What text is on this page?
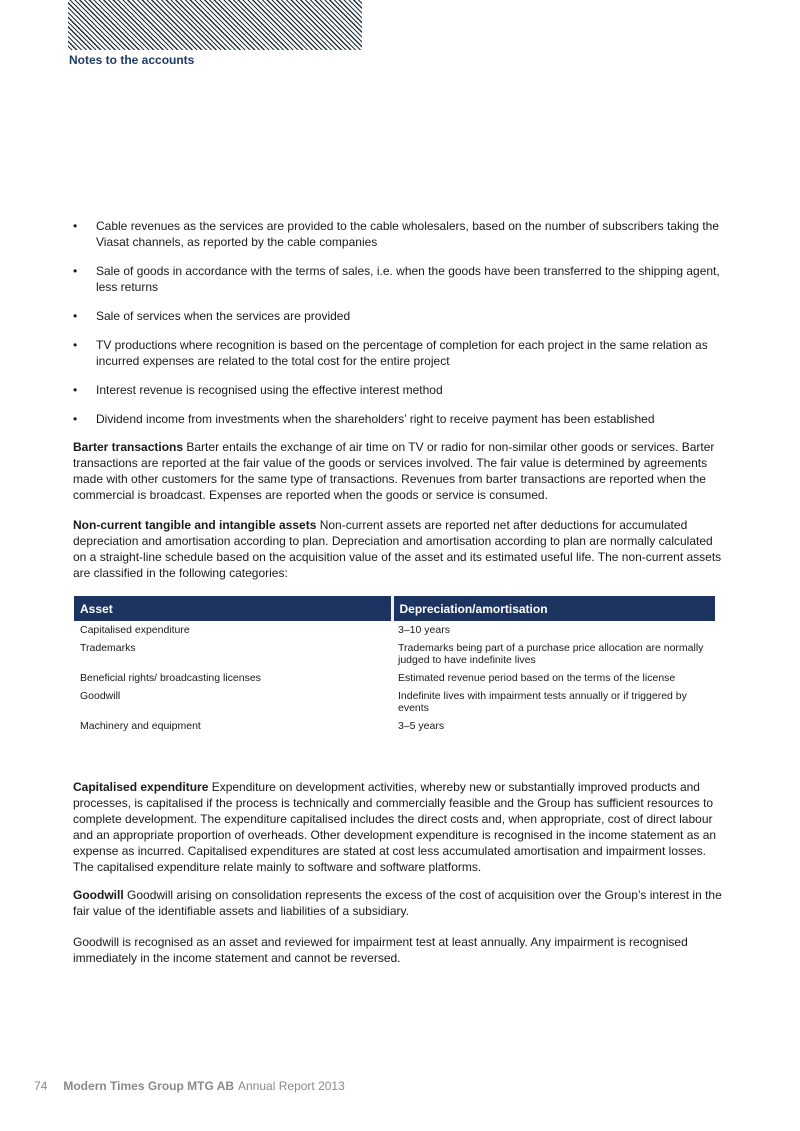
Notes to the accounts
• Cable revenues as the services are provided to the cable wholesalers, based on the number of subscribers taking the Viasat channels, as reported by the cable companies
• Sale of goods in accordance with the terms of sales, i.e. when the goods have been transferred to the shipping agent, less returns
• Sale of services when the services are provided
• TV productions where recognition is based on the percentage of completion for each project in the same relation as incurred expenses are related to the total cost for the entire project
• Interest revenue is recognised using the effective interest method
• Dividend income from investments when the shareholders’ right to receive payment has been established

Barter transactions Barter entails the exchange of air time on TV or radio for non-similar other goods or services. Barter transactions are reported at the fair value of the goods or services involved. The fair value is determined by agreements made with other customers for the same type of transactions. Revenues from barter transactions are reported when the commercial is broadcast. Expenses are reported when the goods or service is consumed.

Non-current tangible and intangible assets Non-current assets are reported net after deductions for accumulated depreciation and amortisation according to plan. Depreciation and amortisation according to plan are normally calculated on a straight-line schedule based on the acquisition value of the asset and its estimated useful life. The non-current assets are classified in the following categories:

Asset	Depreciation/amortisation
Capitalised expenditure	3–10 years
Trademarks	Trademarks being part of a purchase price allocation are normally judged to have indefinite lives
Beneficial rights/ broadcasting licenses	Estimated revenue period based on the terms of the license
Goodwill	Indefinite lives with impairment tests annually or if triggered by events
Machinery and equipment	3–5 years

Capitalised expenditure Expenditure on development activities, whereby new or substantially improved products and processes, is capitalised if the process is technically and commercially feasible and the Group has sufficient resources to complete development. The expenditure capitalised includes the direct costs and, when appropriate, cost of direct labour and an appropriate proportion of overheads. Other development expenditure is recognised in the income statement as an expense as incurred. Capitalised expenditures are stated at cost less accumulated amortisation and impairment losses. The capitalised expenditure relate mainly to software and software platforms.

Goodwill Goodwill arising on consolidation represents the excess of the cost of acquisition over the Group’s interest in the fair value of the identifiable assets and liabilities of a subsidiary.

Goodwill is recognised as an asset and reviewed for impairment test at least annually. Any impairment is recognised immediately in the income statement and cannot be reversed.

74 Modern Times Group MTG AB Annual Report 2013
